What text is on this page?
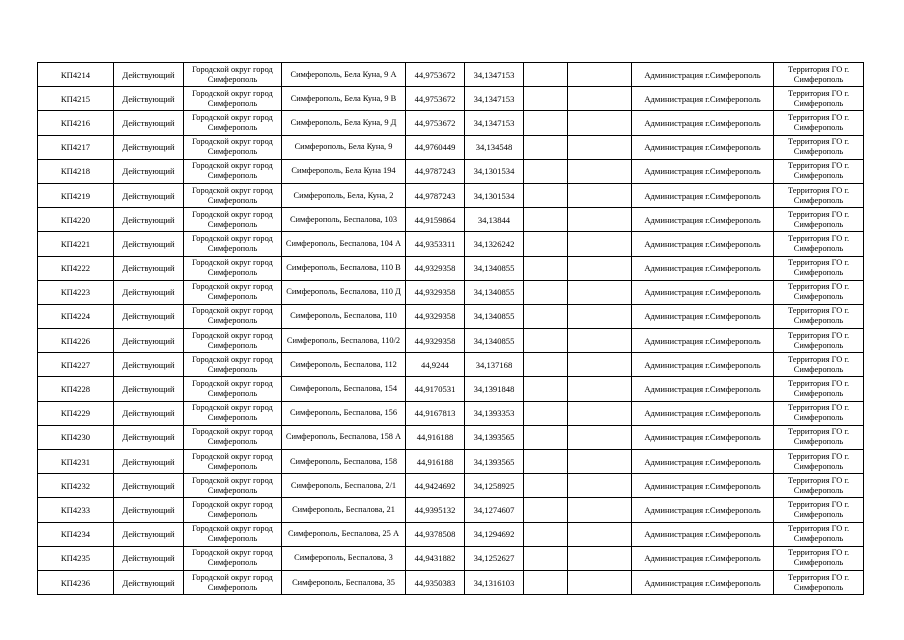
КП4214	Действующий	Городской округ город Симферополь	Симферополь, Бела Куна, 9 А	44,9753672	34,1347153			Администрация г.Симферополь	Территория ГО г. Симферополь
КП4215	Действующий	Городской округ город Симферополь	Симферополь, Бела Куна, 9 В	44,9753672	34,1347153			Администрация г.Симферополь	Территория ГО г. Симферополь
КП4216	Действующий	Городской округ город Симферополь	Симферополь, Бела Куна, 9 Д	44,9753672	34,1347153			Администрация г.Симферополь	Территория ГО г. Симферополь
КП4217	Действующий	Городской округ город Симферополь	Симферополь, Бела Куна, 9	44,9760449	34,134548			Администрация г.Симферополь	Территория ГО г. Симферополь
КП4218	Действующий	Городской округ город Симферополь	Симферополь, Бела Куна 194	44,9787243	34,1301534			Администрация г.Симферополь	Территория ГО г. Симферополь
КП4219	Действующий	Городской округ город Симферополь	Симферополь, Бела, Куна, 2	44,9787243	34,1301534			Администрация г.Симферополь	Территория ГО г. Симферополь
КП4220	Действующий	Городской округ город Симферополь	Симферополь, Беспалова, 103	44,9159864	34,13844			Администрация г.Симферополь	Территория ГО г. Симферополь
КП4221	Действующий	Городской округ город Симферополь	Симферополь, Беспалова, 104 А	44,9353311	34,1326242			Администрация г.Симферополь	Территория ГО г. Симферополь
КП4222	Действующий	Городской округ город Симферополь	Симферополь, Беспалова, 110 В	44,9329358	34,1340855			Администрация г.Симферополь	Территория ГО г. Симферополь
КП4223	Действующий	Городской округ город Симферополь	Симферополь, Беспалова, 110 Д	44,9329358	34,1340855			Администрация г.Симферополь	Территория ГО г. Симферополь
КП4224	Действующий	Городской округ город Симферополь	Симферополь, Беспалова, 110	44,9329358	34,1340855			Администрация г.Симферополь	Территория ГО г. Симферополь
КП4226	Действующий	Городской округ город Симферополь	Симферополь, Беспалова, 110/2	44,9329358	34,1340855			Администрация г.Симферополь	Территория ГО г. Симферополь
КП4227	Действующий	Городской округ город Симферополь	Симферополь, Беспалова, 112	44,9244	34,137168			Администрация г.Симферополь	Территория ГО г. Симферополь
КП4228	Действующий	Городской округ город Симферополь	Симферополь, Беспалова, 154	44,9170531	34,1391848			Администрация г.Симферополь	Территория ГО г. Симферополь
КП4229	Действующий	Городской округ город Симферополь	Симферополь, Беспалова, 156	44,9167813	34,1393353			Администрация г.Симферополь	Территория ГО г. Симферополь
КП4230	Действующий	Городской округ город Симферополь	Симферополь, Беспалова, 158 А	44,916188	34,1393565			Администрация г.Симферополь	Территория ГО г. Симферополь
КП4231	Действующий	Городской округ город Симферополь	Симферополь, Беспалова, 158	44,916188	34,1393565			Администрация г.Симферополь	Территория ГО г. Симферополь
КП4232	Действующий	Городской округ город Симферополь	Симферополь, Беспалова, 2/1	44,9424692	34,1258925			Администрация г.Симферополь	Территория ГО г. Симферополь
КП4233	Действующий	Городской округ город Симферополь	Симферополь, Беспалова, 21	44,9395132	34,1274607			Администрация г.Симферополь	Территория ГО г. Симферополь
КП4234	Действующий	Городской округ город Симферополь	Симферополь, Беспалова, 25 А	44,9378508	34,1294692			Администрация г.Симферополь	Территория ГО г. Симферополь
КП4235	Действующий	Городской округ город Симферополь	Симферополь, Беспалова, 3	44,9431882	34,1252627			Администрация г.Симферополь	Территория ГО г. Симферополь
КП4236	Действующий	Городской округ город Симферополь	Симферополь, Беспалова, 35	44,9350383	34,1316103			Администрация г.Симферополь	Территория ГО г. Симферополь
